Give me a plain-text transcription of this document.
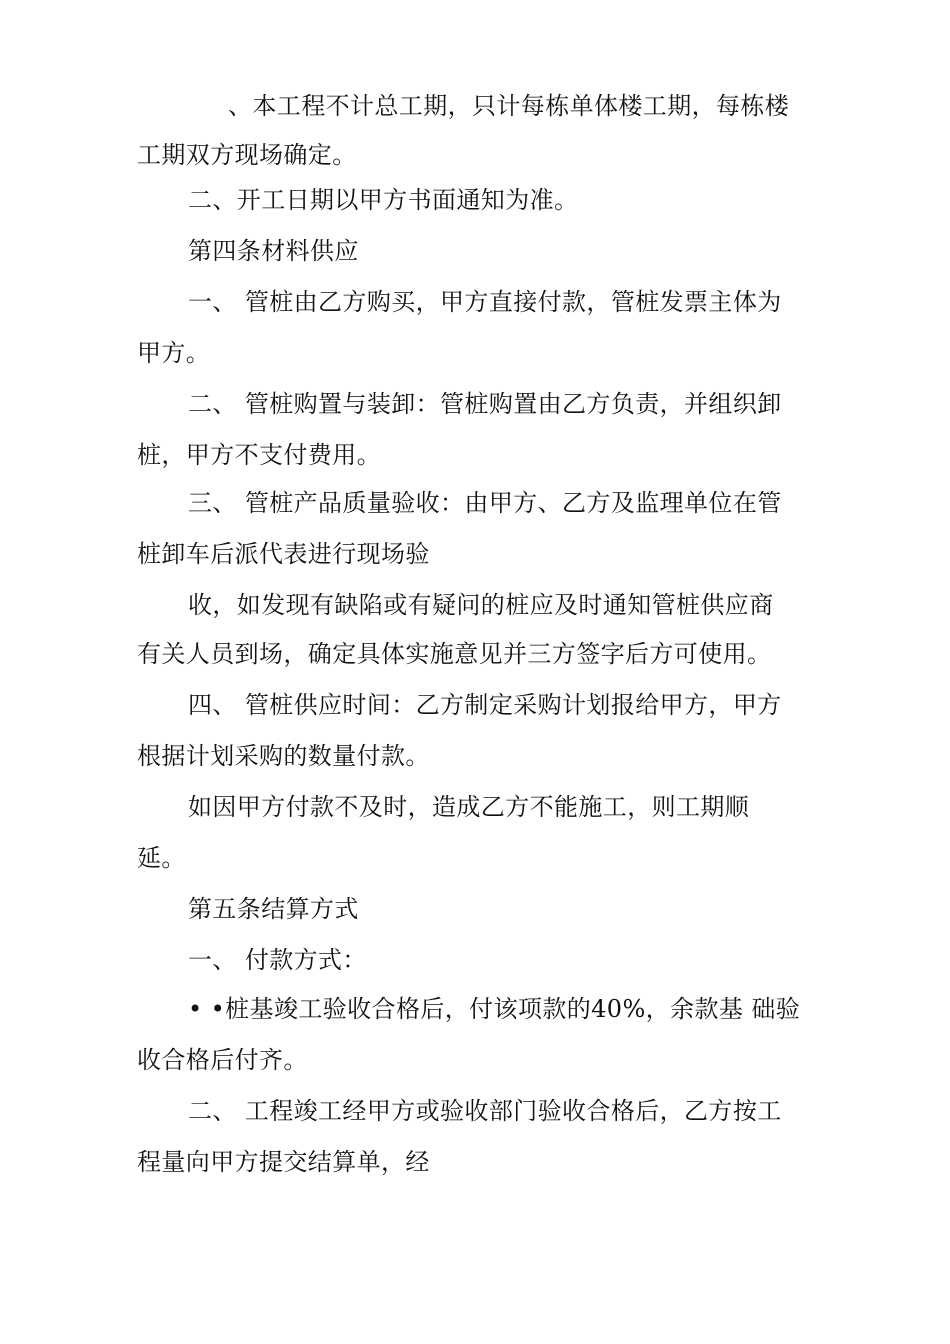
、本工程不计总工期，只计每栋单体楼工期，每栋楼
工期双方现场确定。
二、开工日期以甲方书面通知为准。
第四条材料供应
一、 管桩由乙方购买，甲方直接付款，管桩发票主体为
甲方。
二、 管桩购置与装卸：管桩购置由乙方负责，并组织卸
桩，甲方不支付费用。
三、 管桩产品质量验收：由甲方、乙方及监理单位在管
桩卸车后派代表进行现场验
收，如发现有缺陷或有疑问的桩应及时通知管桩供应商
有关人员到场，确定具体实施意见并三方签字后方可使用。
四、 管桩供应时间：乙方制定采购计划报给甲方，甲方
根据计划采购的数量付款。
如因甲方付款不及时，造成乙方不能施工，则工期顺
延。
第五条结算方式
一、 付款方式：
• •桩基竣工验收合格后，付该项款的40%，余款基 础验
收合格后付齐。
二、 工程竣工经甲方或验收部门验收合格后，乙方按工
程量向甲方提交结算单，经
